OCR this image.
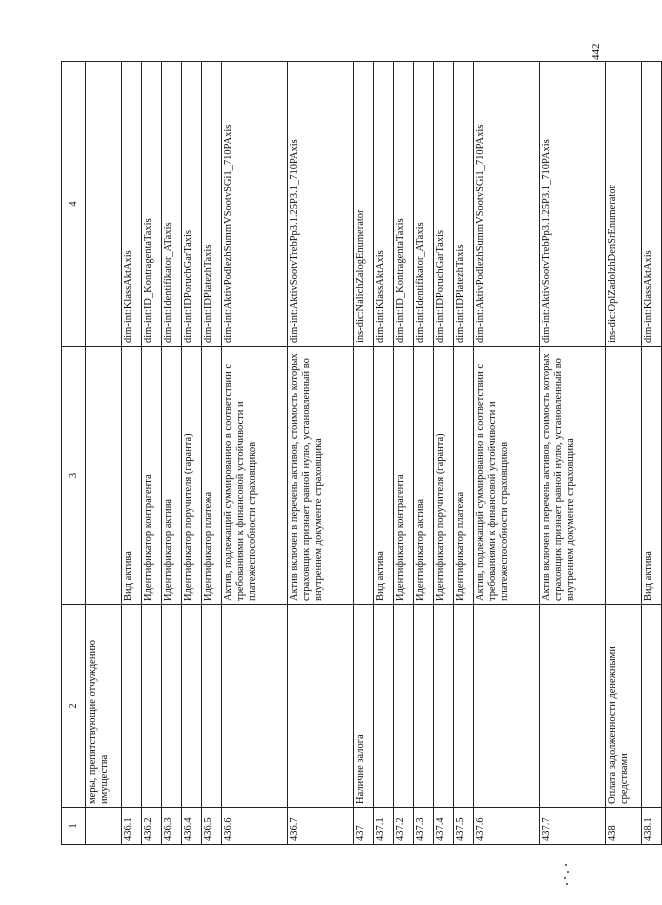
1	2	3	4
	меры, препятствующие отчуждению имущества		
436.1		Вид актива	dim-int:KlassAktAxis
436.2		Идентификатор контрагента	dim-int:ID_KontragentaTaxis
436.3		Идентификатор актива	dim-int:Identifikator_ATaxis
436.4		Идентификатор поручителя (гаранта)	dim-int:IDPoruchGarTaxis
436.5		Идентификатор платежа	dim-int:IDPlatezhTaxis
436.6		Актив, подлежащий суммированию в соответствии с требованиями к финансовой устойчивости и платежеспособности страховщиков	dim-int:AktivPodlezhSummVSootvSGi1_710PAxis
436.7		Актив включен в перечень активов, стоимость которых страховщик признает равной нулю, установленный во внутреннем документе страховщика	dim-int:AktivSootvTrebPp3.1.25P3.1_710PAxis
437	Наличие залога		ins-dic:NalichZalogEnumerator
437.1		Вид актива	dim-int:KlassAktAxis
437.2		Идентификатор контрагента	dim-int:ID_KontragentaTaxis
437.3		Идентификатор актива	dim-int:Identifikator_ATaxis
437.4		Идентификатор поручителя (гаранта)	dim-int:IDPoruchGarTaxis
437.5		Идентификатор платежа	dim-int:IDPlatezhTaxis
437.6		Актив, подлежащий суммированию в соответствии с требованиями к финансовой устойчивости и платежеспособности страховщиков	dim-int:AktivPodlezhSummVSootvSGi1_710PAxis
437.7		Актив включен в перечень активов, стоимость которых страховщик признает равной нулю, установленный во внутреннем документе страховщика	dim-int:AktivSootvTrebPp3.1.25P3.1_710PAxis
438	Оплата задолженности денежными средствами		ins-dic:OplZadolzhDenSrEnumerator
438.1		Вид актива	dim-int:KlassAktAxis
442
